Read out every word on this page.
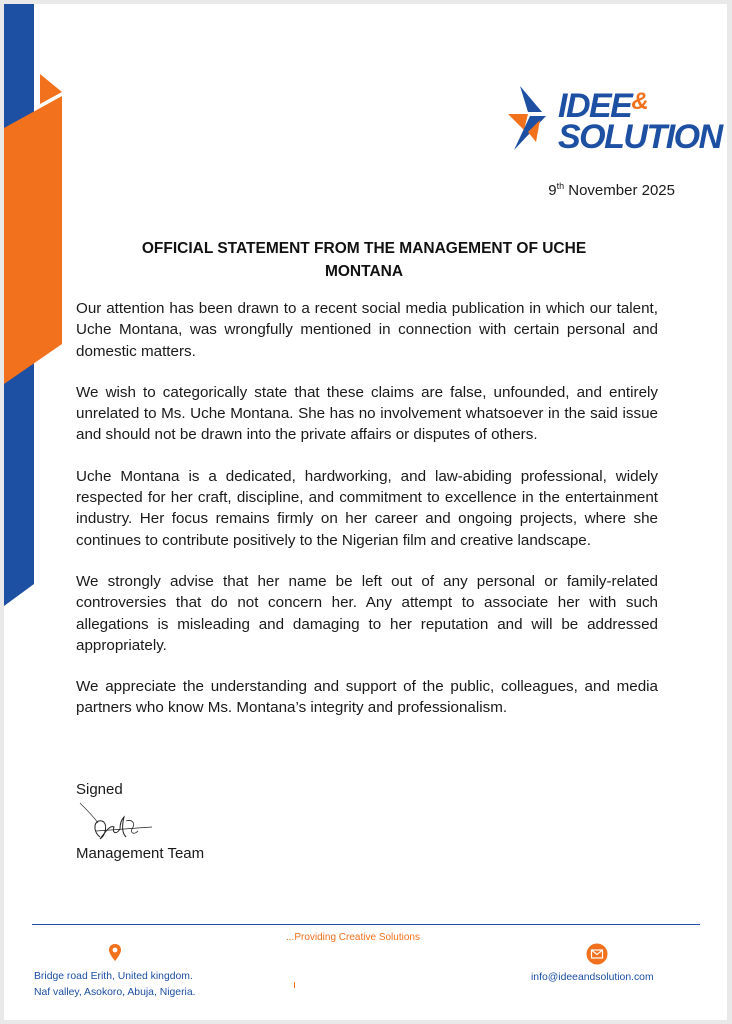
IDEE&
SOLUTION
9th November 2025
OFFICIAL STATEMENT FROM THE MANAGEMENT OF UCHE MONTANA

Our attention has been drawn to a recent social media publication in which our talent, Uche Montana, was wrongfully mentioned in connection with certain personal and domestic matters.

We wish to categorically state that these claims are false, unfounded, and entirely unrelated to Ms. Uche Montana. She has no involvement whatsoever in the said issue and should not be drawn into the private affairs or disputes of others.

Uche Montana is a dedicated, hardworking, and law-abiding professional, widely respected for her craft, discipline, and commitment to excellence in the entertainment industry. Her focus remains firmly on her career and ongoing projects, where she continues to contribute positively to the Nigerian film and creative landscape.

We strongly advise that her name be left out of any personal or family-related controversies that do not concern her. Any attempt to associate her with such allegations is misleading and damaging to her reputation and will be addressed appropriately.

We appreciate the understanding and support of the public, colleagues, and media partners who know Ms. Montana’s integrity and professionalism.

Signed
Management Team
...Providing Creative Solutions
Bridge road Erith, United kingdom.
Naf valley, Asokoro, Abuja, Nigeria.
info@ideeandsolution.com
